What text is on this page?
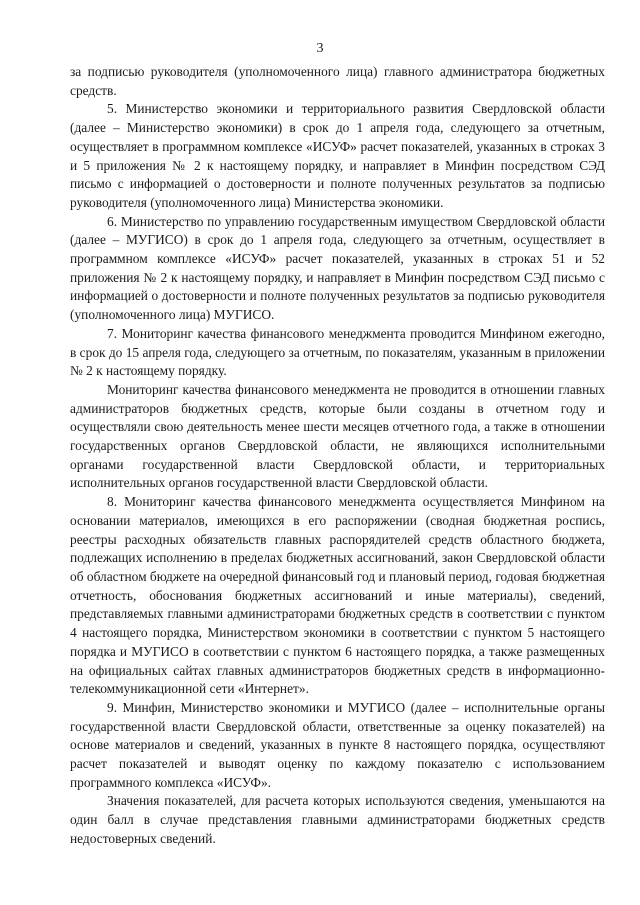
3

за подписью руководителя (уполномоченного лица) главного администратора бюджетных средств.

5. Министерство экономики и территориального развития Свердловской области (далее – Министерство экономики) в срок до 1 апреля года, следующего за отчетным, осуществляет в программном комплексе «ИСУФ» расчет показателей, указанных в строках 3 и 5 приложения № 2 к настоящему порядку, и направляет в Минфин посредством СЭД письмо с информацией о достоверности и полноте полученных результатов за подписью руководителя (уполномоченного лица) Министерства экономики.

6. Министерство по управлению государственным имуществом Свердловской области (далее – МУГИСО) в срок до 1 апреля года, следующего за отчетным, осуществляет в программном комплексе «ИСУФ» расчет показателей, указанных в строках 51 и 52 приложения № 2 к настоящему порядку, и направляет в Минфин посредством СЭД письмо с информацией о достоверности и полноте полученных результатов за подписью руководителя (уполномоченного лица) МУГИСО.

7. Мониторинг качества финансового менеджмента проводится Минфином ежегодно, в срок до 15 апреля года, следующего за отчетным, по показателям, указанным в приложении № 2 к настоящему порядку.

Мониторинг качества финансового менеджмента не проводится в отношении главных администраторов бюджетных средств, которые были созданы в отчетном году и осуществляли свою деятельность менее шести месяцев отчетного года, а также в отношении государственных органов Свердловской области, не являющихся исполнительными органами государственной власти Свердловской области, и территориальных исполнительных органов государственной власти Свердловской области.

8. Мониторинг качества финансового менеджмента осуществляется Минфином на основании материалов, имеющихся в его распоряжении (сводная бюджетная роспись, реестры расходных обязательств главных распорядителей средств областного бюджета, подлежащих исполнению в пределах бюджетных ассигнований, закон Свердловской области об областном бюджете на очередной финансовый год и плановый период, годовая бюджетная отчетность, обоснования бюджетных ассигнований и иные материалы), сведений, представляемых главными администраторами бюджетных средств в соответствии с пунктом 4 настоящего порядка, Министерством экономики в соответствии с пунктом 5 настоящего порядка и МУГИСО в соответствии с пунктом 6 настоящего порядка, а также размещенных на официальных сайтах главных администраторов бюджетных средств в информационно-телекоммуникационной сети «Интернет».

9. Минфин, Министерство экономики и МУГИСО (далее – исполнительные органы государственной власти Свердловской области, ответственные за оценку показателей) на основе материалов и сведений, указанных в пункте 8 настоящего порядка, осуществляют расчет показателей и выводят оценку по каждому показателю с использованием программного комплекса «ИСУФ».

Значения показателей, для расчета которых используются сведения, уменьшаются на один балл в случае представления главными администраторами бюджетных средств недостоверных сведений.
